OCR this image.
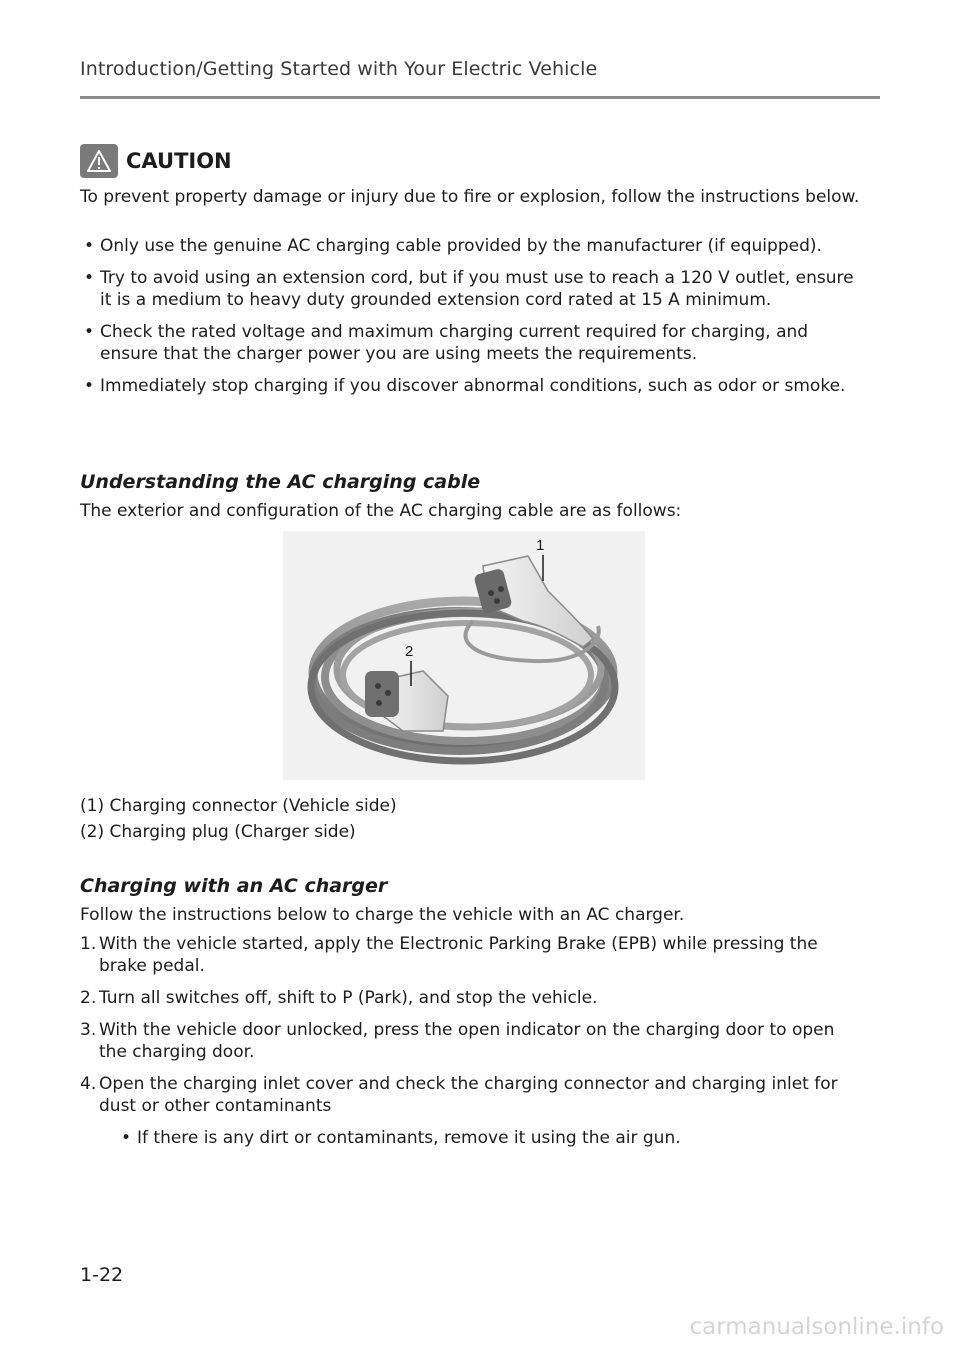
Introduction/Getting Started with Your Electric Vehicle
CAUTION
To prevent property damage or injury due to fire or explosion, follow the instructions below.
• Only use the genuine AC charging cable provided by the manufacturer (if equipped).
• Try to avoid using an extension cord, but if you must use to reach a 120 V outlet, ensure it is a medium to heavy duty grounded extension cord rated at 15 A minimum.
• Check the rated voltage and maximum charging current required for charging, and ensure that the charger power you are using meets the requirements.
• Immediately stop charging if you discover abnormal conditions, such as odor or smoke.
Understanding the AC charging cable
The exterior and configuration of the AC charging cable are as follows:
1
2
(1) Charging connector (Vehicle side)
(2) Charging plug (Charger side)
Charging with an AC charger
Follow the instructions below to charge the vehicle with an AC charger.
1. With the vehicle started, apply the Electronic Parking Brake (EPB) while pressing the brake pedal.
2. Turn all switches off, shift to P (Park), and stop the vehicle.
3. With the vehicle door unlocked, press the open indicator on the charging door to open the charging door.
4. Open the charging inlet cover and check the charging connector and charging inlet for dust or other contaminants
• If there is any dirt or contaminants, remove it using the air gun.
1-22
carmanualsonline.info
